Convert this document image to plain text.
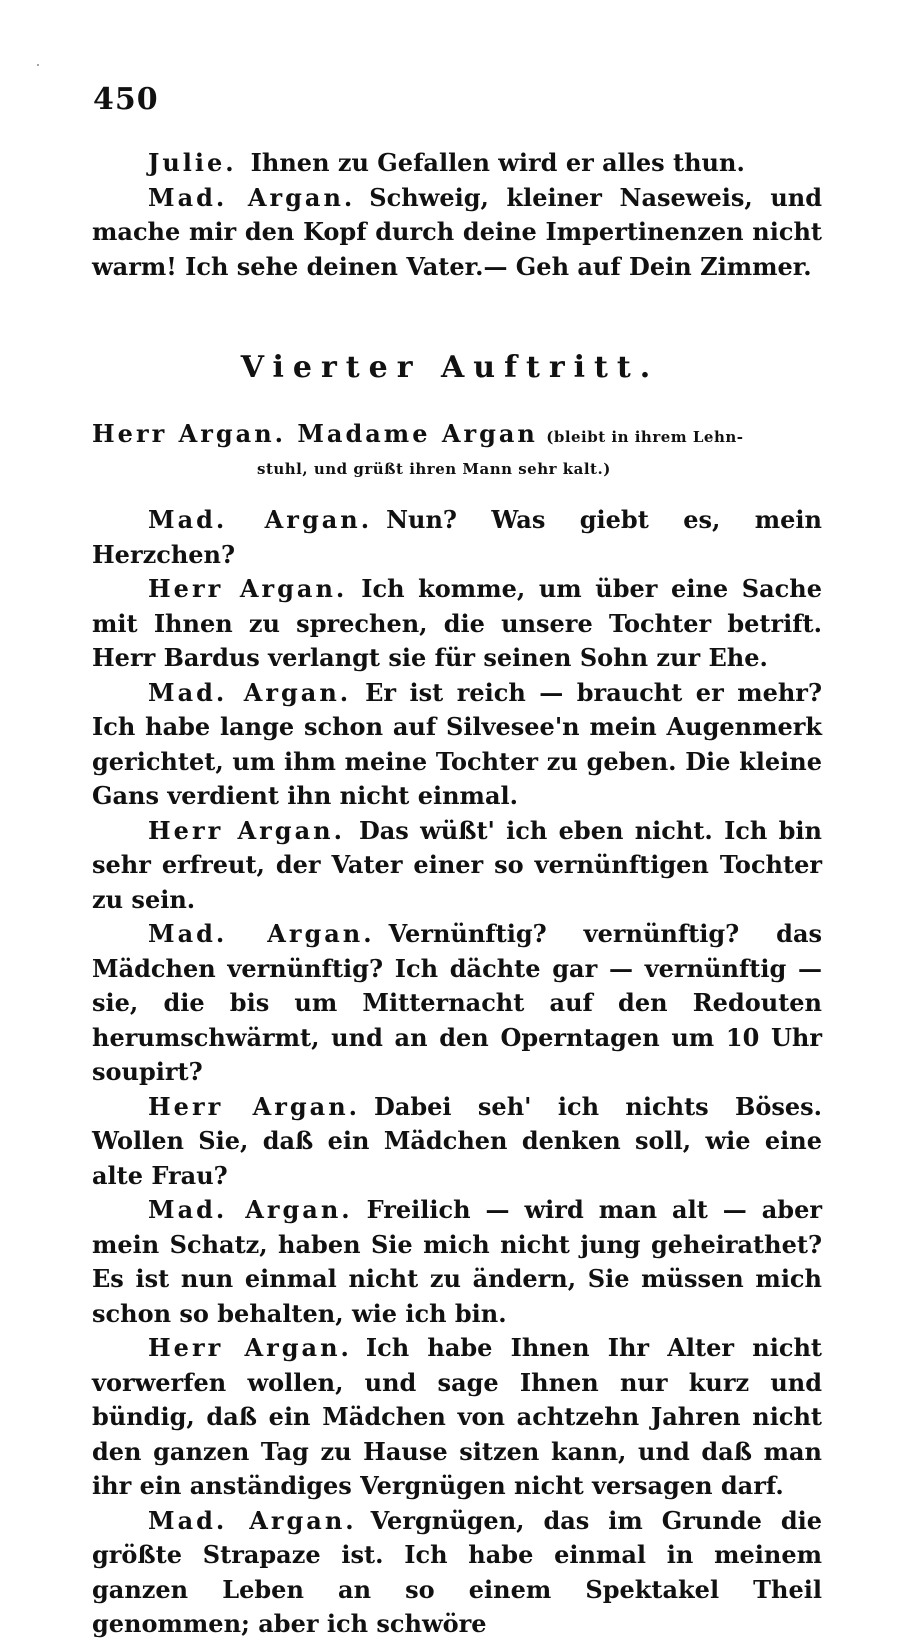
450

Julie. Ihnen zu Gefallen wird er alles thun.

Mad. Argan. Schweig, kleiner Naseweis, und mache mir den Kopf durch deine Impertinenzen nicht warm! Ich sehe deinen Vater.— Geh auf Dein Zimmer.

Vierter Auftritt.
Herr Argan. Madame Argan (bleibt in ihrem Lehn-
stuhl, und grüßt ihren Mann sehr kalt.)

Mad. Argan. Nun? Was giebt es, mein Herzchen?

Herr Argan. Ich komme, um über eine Sache mit Ihnen zu sprechen, die unsere Tochter betrift. Herr Bardus verlangt sie für seinen Sohn zur Ehe.

Mad. Argan. Er ist reich — braucht er mehr? Ich habe lange schon auf Silvesee'n mein Augenmerk gerichtet, um ihm meine Tochter zu geben. Die kleine Gans verdient ihn nicht einmal.

Herr Argan. Das wüßt' ich eben nicht. Ich bin sehr erfreut, der Vater einer so vernünftigen Tochter zu sein.

Mad. Argan. Vernünftig? vernünftig? das Mädchen vernünftig? Ich dächte gar — vernünftig — sie, die bis um Mitternacht auf den Redouten herumschwärmt, und an den Operntagen um 10 Uhr soupirt?

Herr Argan. Dabei seh' ich nichts Böses. Wollen Sie, daß ein Mädchen denken soll, wie eine alte Frau?

Mad. Argan. Freilich — wird man alt — aber mein Schatz, haben Sie mich nicht jung geheirathet? Es ist nun einmal nicht zu ändern, Sie müssen mich schon so behalten, wie ich bin.

Herr Argan. Ich habe Ihnen Ihr Alter nicht vorwerfen wollen, und sage Ihnen nur kurz und bündig, daß ein Mädchen von achtzehn Jahren nicht den ganzen Tag zu Hause sitzen kann, und daß man ihr ein anständiges Vergnügen nicht versagen darf.

Mad. Argan. Vergnügen, das im Grunde die größte Strapaze ist. Ich habe einmal in meinem ganzen Leben an so einem Spektakel Theil genommen; aber ich schwöre
